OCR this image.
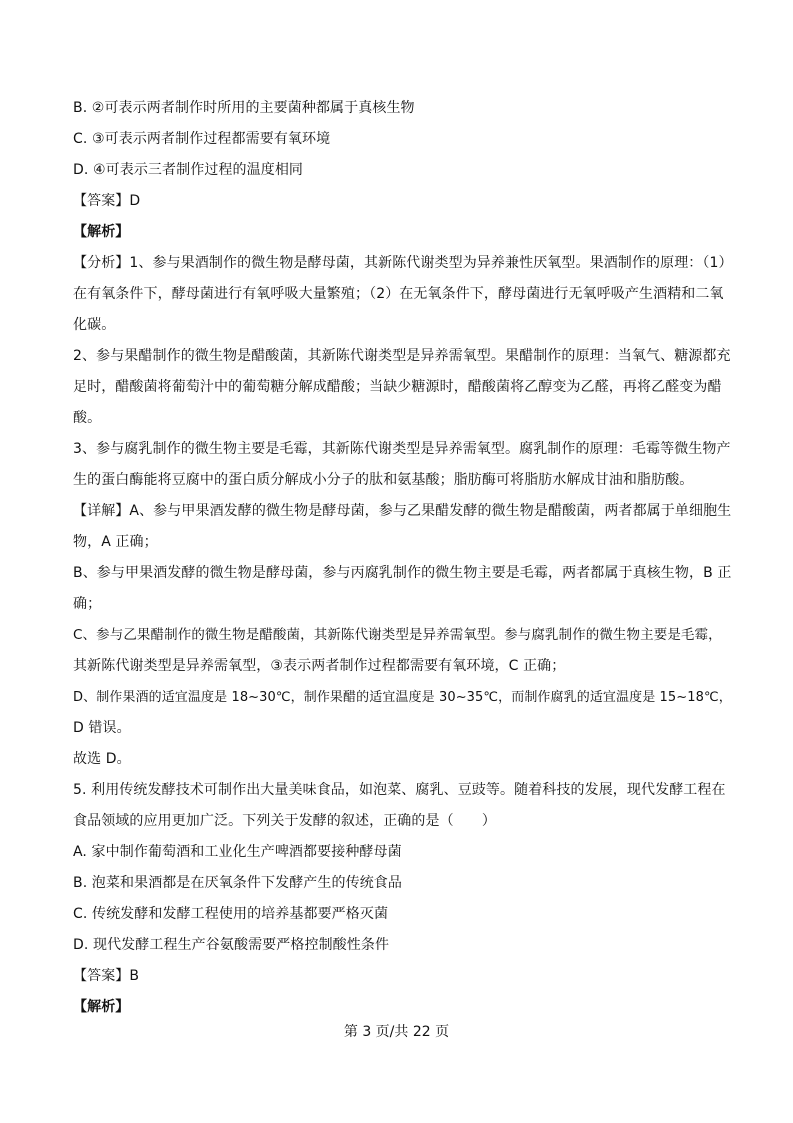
B. ②可表示两者制作时所用的主要菌种都属于真核生物
C. ③可表示两者制作过程都需要有氧环境
D. ④可表示三者制作过程的温度相同
【答案】D
【解析】
【分析】1、参与果酒制作的微生物是酵母菌，其新陈代谢类型为异养兼性厌氧型。果酒制作的原理：（1）
在有氧条件下，酵母菌进行有氧呼吸大量繁殖；（2）在无氧条件下，酵母菌进行无氧呼吸产生酒精和二氧
化碳。
2、参与果醋制作的微生物是醋酸菌，其新陈代谢类型是异养需氧型。果醋制作的原理：当氧气、糖源都充
足时，醋酸菌将葡萄汁中的葡萄糖分解成醋酸；当缺少糖源时，醋酸菌将乙醇变为乙醛，再将乙醛变为醋
酸。
3、参与腐乳制作的微生物主要是毛霉，其新陈代谢类型是异养需氧型。腐乳制作的原理：毛霉等微生物产
生的蛋白酶能将豆腐中的蛋白质分解成小分子的肽和氨基酸；脂肪酶可将脂肪水解成甘油和脂肪酸。
【详解】A、参与甲果酒发酵的微生物是酵母菌，参与乙果醋发酵的微生物是醋酸菌，两者都属于单细胞生
物，A 正确；
B、参与甲果酒发酵的微生物是酵母菌，参与丙腐乳制作的微生物主要是毛霉，两者都属于真核生物，B 正
确；
C、参与乙果醋制作的微生物是醋酸菌，其新陈代谢类型是异养需氧型。参与腐乳制作的微生物主要是毛霉，
其新陈代谢类型是异养需氧型，③表示两者制作过程都需要有氧环境，C 正确；
D、制作果酒的适宜温度是 18~30℃，制作果醋的适宜温度是 30~35℃，而制作腐乳的适宜温度是 15~18℃，
D 错误。
故选 D。
5. 利用传统发酵技术可制作出大量美味食品，如泡菜、腐乳、豆豉等。随着科技的发展，现代发酵工程在
食品领域的应用更加广泛。下列关于发酵的叙述，正确的是（　　）
A. 家中制作葡萄酒和工业化生产啤酒都要接种酵母菌
B. 泡菜和果酒都是在厌氧条件下发酵产生的传统食品
C. 传统发酵和发酵工程使用的培养基都要严格灭菌
D. 现代发酵工程生产谷氨酸需要严格控制酸性条件
【答案】B
【解析】
第 3 页/共 22 页
